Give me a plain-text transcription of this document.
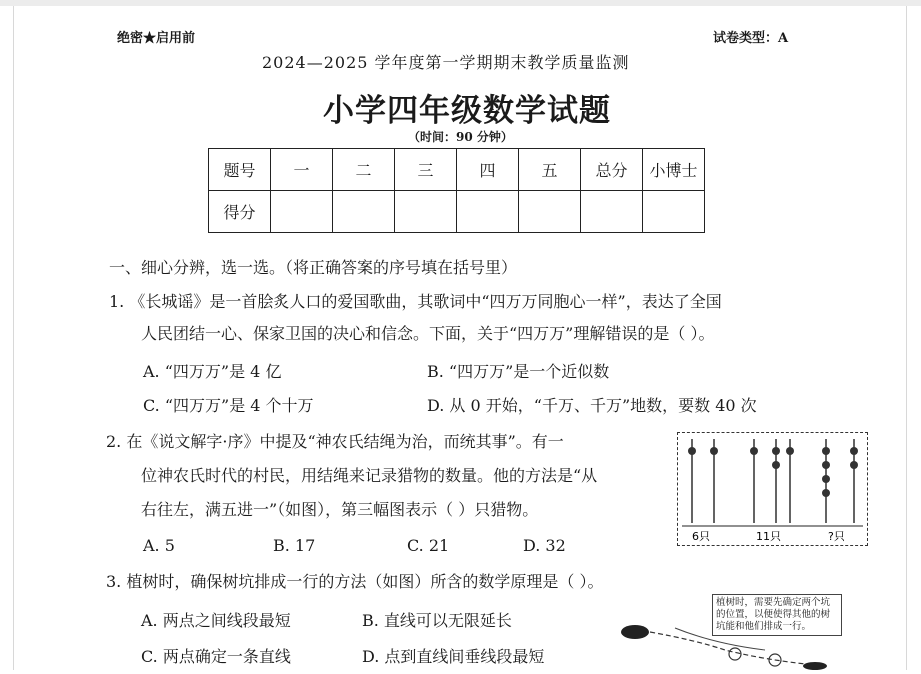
绝密★启用前	试卷类型：A
2024—2025 学年度第一学期期末教学质量监测
小学四年级数学试题
（时间：90 分钟）
题号	一	二	三	四	五	总分	小博士
得分							
一、细心分辨，选一选。（将正确答案的序号填在括号里）
1. 《长城谣》是一首脍炙人口的爱国歌曲，其歌词中“四万万同胞心一样”，表达了全国
人民团结一心、保家卫国的决心和信念。下面，关于“四万万”理解错误的是（ ）。
A. “四万万”是 4 亿	B. “四万万”是一个近似数
C. “四万万”是 4 个十万	D. 从 0 开始，“千万、千万”地数，要数 40 次
2. 在《说文解字·序》中提及“神农氏结绳为治，而统其事”。有一
位神农氏时代的村民，用结绳来记录猎物的数量。他的方法是“从
右往左，满五进一”（如图），第三幅图表示（ ）只猎物。
A. 5	B. 17	C. 21	D. 32	6只	11只	?只
3. 植树时，确保树坑排成一行的方法（如图）所含的数学原理是（ ）。
A. 两点之间线段最短	B. 直线可以无限延长
C. 两点确定一条直线	D. 点到直线间垂线段最短
植树时，需要先确定两个坑的位置，以便使得其他的树坑能和他们排成一行。
